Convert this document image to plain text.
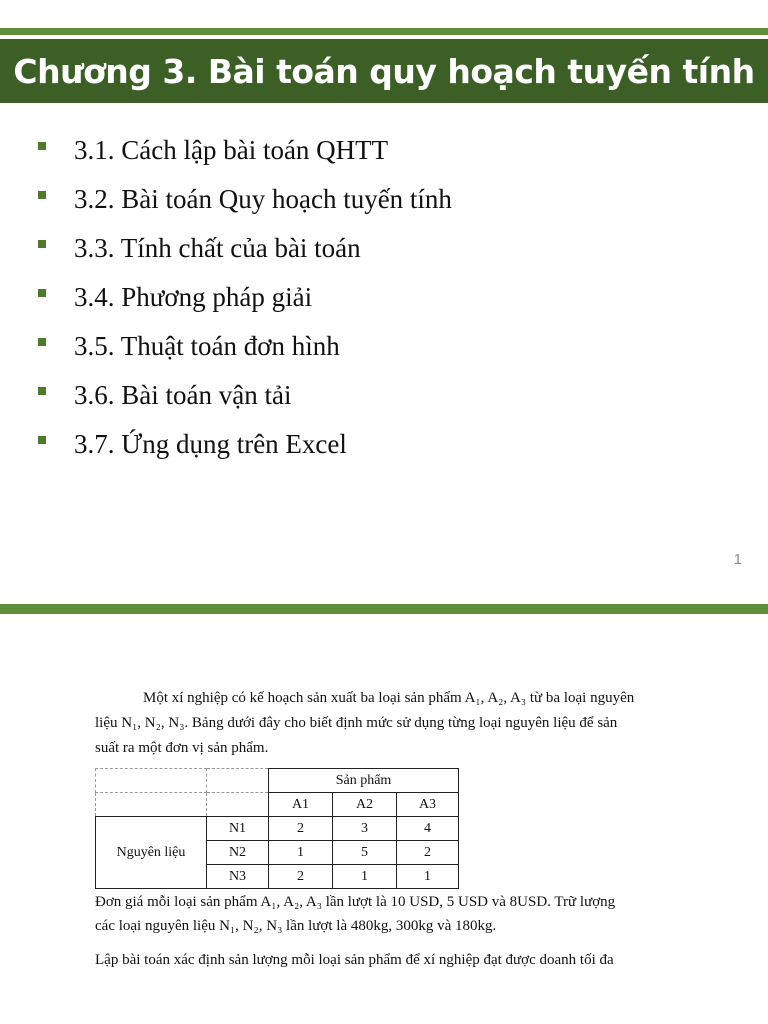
Chương 3. Bài toán quy hoạch tuyến tính
3.1. Cách lập bài toán QHTT
3.2. Bài toán Quy hoạch tuyến tính
3.3. Tính chất của bài toán
3.4. Phương pháp giải
3.5. Thuật toán đơn hình
3.6. Bài toán vận tải
3.7. Ứng dụng trên Excel
1

Một xí nghiệp có kế hoạch sản xuất ba loại sản phẩm A₁, A₂, A₃ từ ba loại nguyên

liệu N₁, N₂, N₃. Bảng dưới đây cho biết định mức sử dụng từng loại nguyên liệu để sản

suất ra một đơn vị sản phẩm.

		Sản phẩm		
		A1	A2	A3
Nguyên liệu	N1	2	3	4
	N2	1	5	2
	N3	2	1	1

Đơn giá mỗi loại sản phẩm A₁, A₂, A₃ lần lượt là 10 USD, 5 USD và 8USD. Trữ lượng

các loại nguyên liệu N₁, N₂, N₃ lần lượt là 480kg, 300kg và 180kg.

Lập bài toán xác định sản lượng mỗi loại sản phẩm để xí nghiệp đạt được doanh tối đa
